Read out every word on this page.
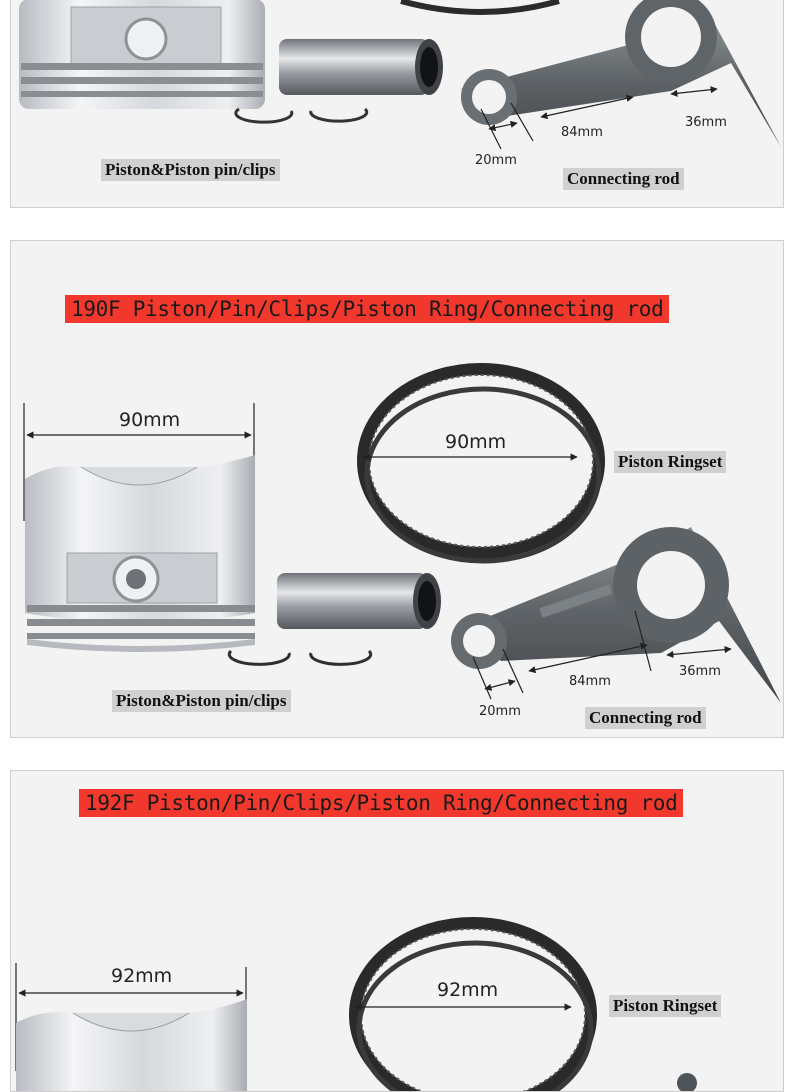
Piston&Piston pin/clips	Connecting rod
84mm
36mm
20mm
190F Piston/Pin/Clips/Piston Ring/Connecting rod
90mm
90mm
Piston Ringset
Piston&Piston pin/clips
Connecting rod
84mm
36mm
20mm
192F Piston/Pin/Clips/Piston Ring/Connecting rod
92mm
92mm
Piston Ringset
